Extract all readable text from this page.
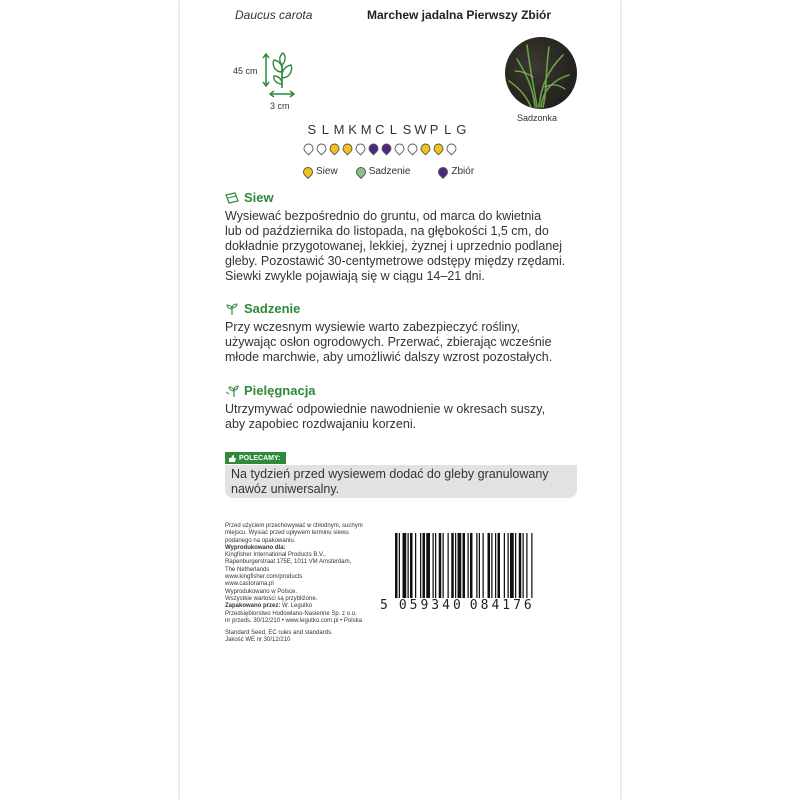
Daucus carota	Marchew jadalna Pierwszy Zbiór
45 cm
3 cm
Sadzonka
S L M K M C L S W P L G
Siew	Sadzenie	Zbiór
Siew
Wysiewać bezpośrednio do gruntu, od marca do kwietnia
lub od października do listopada, na głębokości 1,5 cm, do
dokładnie przygotowanej, lekkiej, żyznej i uprzednio podlanej
gleby. Pozostawić 30-centymetrowe odstępy między rzędami.
Siewki zwykle pojawiają się w ciągu 14–21 dni.
Sadzenie
Przy wczesnym wysiewie warto zabezpieczyć rośliny,
używając osłon ogrodowych. Przerwać, zbierając wcześnie
młode marchwie, aby umożliwić dalszy wzrost pozostałych.
Pielęgnacja
Utrzymywać odpowiednie nawodnienie w okresach suszy,
aby zapobiec rozdwajaniu korzeni.
POLECAMY:
Na tydzień przed wysiewem dodać do gleby granulowany
nawóz uniwersalny.
Przed użyciem przechowywać w chłodnym, suchym
miejscu. Wysiać przed upływem terminu siewu
podanego na opakowaniu.
Wyprodukowano dla:
Kingfisher International Products B.V.,
Rapenburgerstraat 175E, 1011 VM Amsterdam,
The Netherlands
www.kingfisher.com/products
www.castorama.pl
Wyprodukowano w Polsce.
Wszystkie wartości są przybliżone.
Zapakowano przez: W. Legutko
Przedsiębiorstwo Hodowlano-Nasienne Sp. z o.o.
nr przeds. 30/12/210 • www.legutko.com.pl • Polska
Standard Seed. EC rules and standards.
Jakość WE nr 30/12/210
5 059340 084176
